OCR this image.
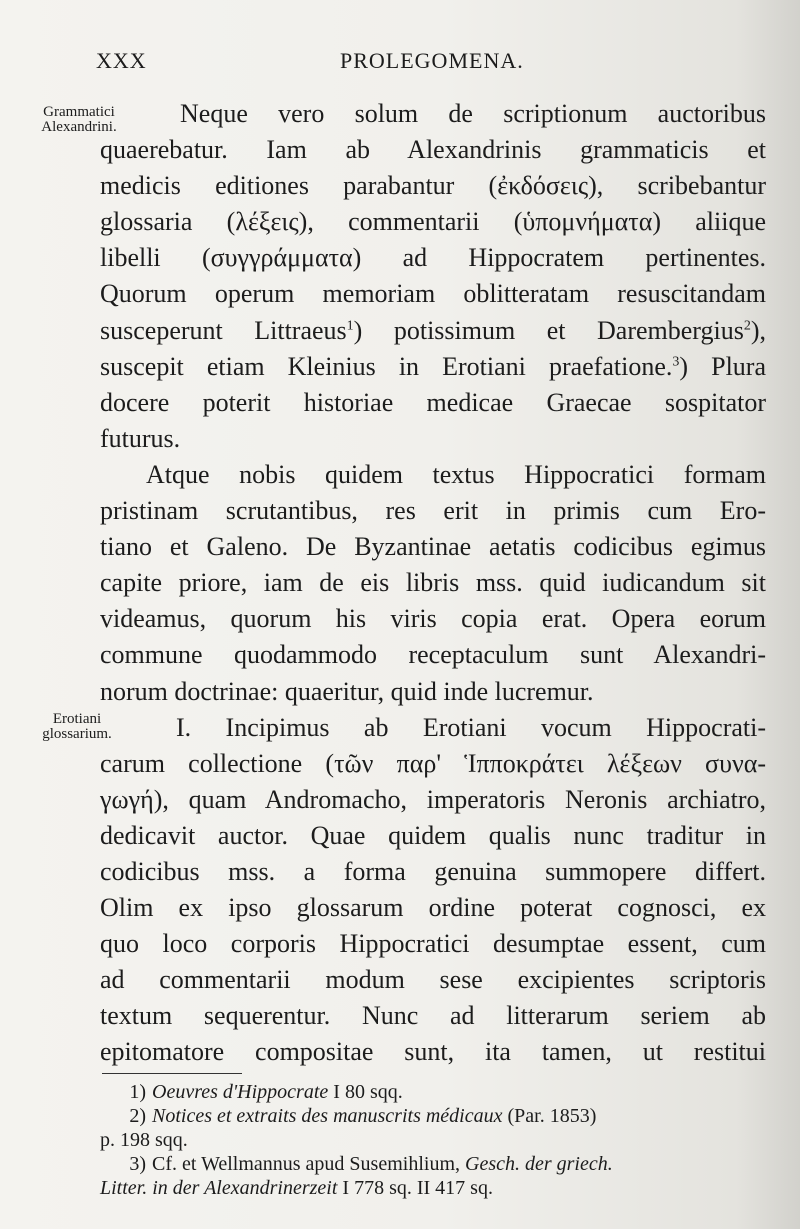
XXX	PROLEGOMENA.
Grammatici
Alexandrini.
Erotiani
glossarium.
Neque vero solum de scriptionum auctoribus
quaerebatur. Iam ab Alexandrinis grammaticis et
medicis editiones parabantur (ἐκδόσεις), scribebantur
glossaria (λέξεις), commentarii (ὑπομνήματα) aliique
libelli (συγγράμματα) ad Hippocratem pertinentes.
Quorum operum memoriam oblitteratam resuscitandam
susceperunt Littraeus$^1$) potissimum et Darembergius$^2$),
suscepit etiam Kleinius in Erotiani praefatione.$^3$) Plura
docere poterit historiae medicae Graecae sospitator
futurus.
Atque nobis quidem textus Hippocratici formam
pristinam scrutantibus, res erit in primis cum Ero-
tiano et Galeno. De Byzantinae aetatis codicibus egimus
capite priore, iam de eis libris mss. quid iudicandum sit
videamus, quorum his viris copia erat. Opera eorum
commune quodammodo receptaculum sunt Alexandri-
norum doctrinae: quaeritur, quid inde lucremur.
I. Incipimus ab Erotiani vocum Hippocrati-
carum collectione (τῶν παρ' Ἱπποκράτει λέξεων συνα-
γωγή), quam Andromacho, imperatoris Neronis archiatro,
dedicavit auctor. Quae quidem qualis nunc traditur in
codicibus mss. a forma genuina summopere differt.
Olim ex ipso glossarum ordine poterat cognosci, ex
quo loco corporis Hippocratici desumptae essent, cum
ad commentarii modum sese excipientes scriptoris
textum sequerentur. Nunc ad litterarum seriem ab
epitomatore compositae sunt, ita tamen, ut restitui
1) Oeuvres d'Hippocrate I 80 sqq.
2) Notices et extraits des manuscrits médicaux (Par. 1853)
p. 198 sqq.
3) Cf. et Wellmannus apud Susemihlium, Gesch. der griech.
Litter. in der Alexandrinerzeit I 778 sq. II 417 sq.
